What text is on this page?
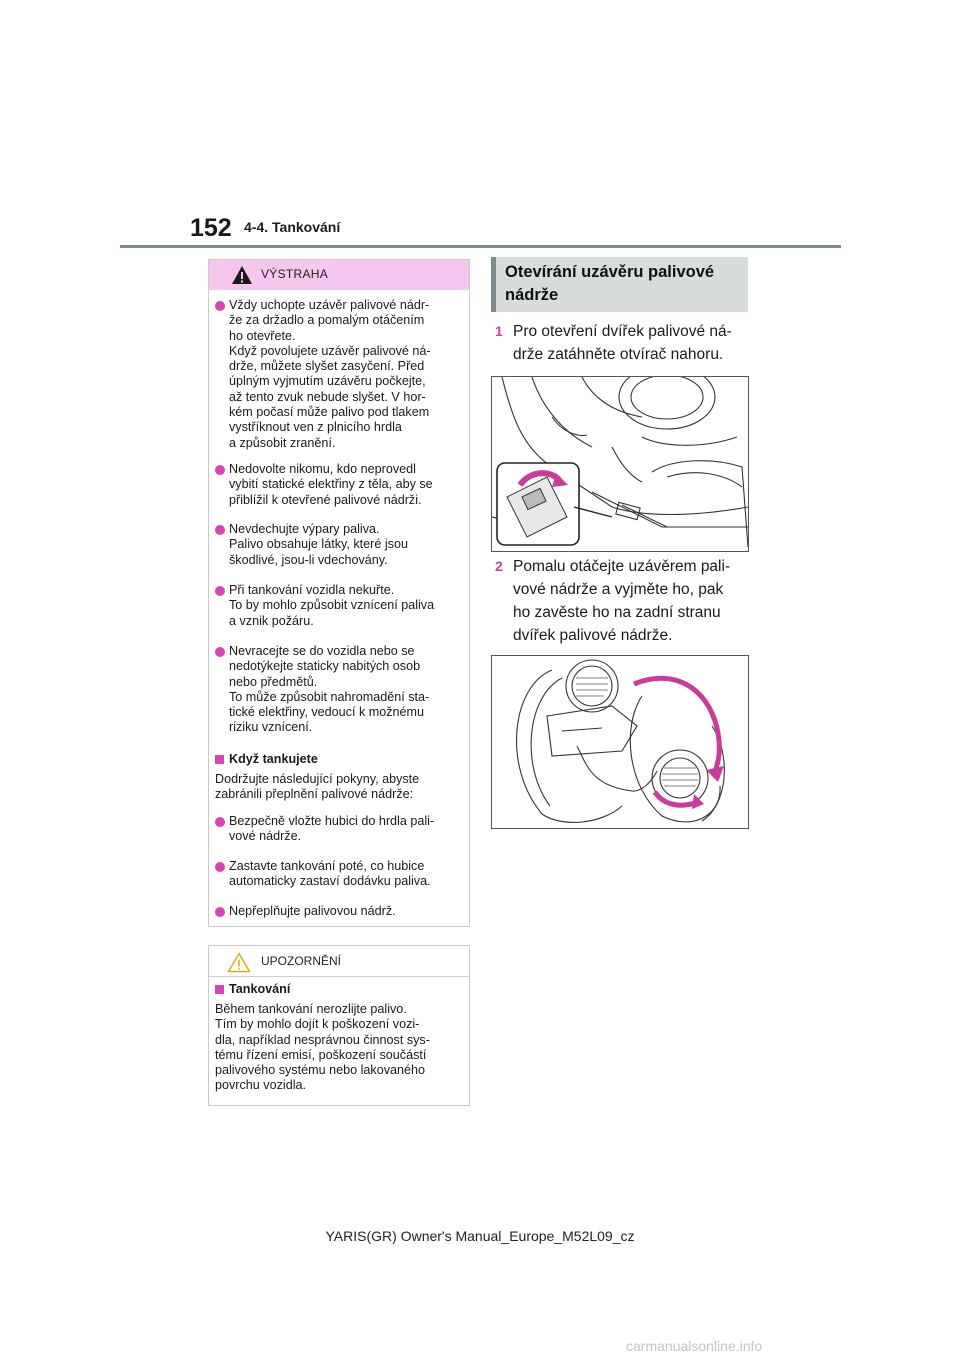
152 4-4. Tankování
VÝSTRAHA
Vždy uchopte uzávěr palivové nádr-
že za držadlo a pomalým otáčením
ho otevřete.
Když povolujete uzávěr palivové ná-
drže, můžete slyšet zasyčení. Před
úplným vyjmutím uzávěru počkejte,
až tento zvuk nebude slyšet. V hor-
kém počasí může palivo pod tlakem
vystříknout ven z plnicího hrdla
a způsobit zranění.
Nedovolte nikomu, kdo neprovedl
vybití statické elektřiny z těla, aby se
přiblížil k otevřené palivové nádrži.
Nevdechujte výpary paliva.
Palivo obsahuje látky, které jsou
škodlivé, jsou-li vdechovány.
Při tankování vozidla nekuřte.
To by mohlo způsobit vznícení paliva
a vznik požáru.
Nevracejte se do vozidla nebo se
nedotýkejte staticky nabitých osob
nebo předmětů.
To může způsobit nahromadění sta-
tické elektřiny, vedoucí k možnému
riziku vznícení.
Když tankujete
Dodržujte následující pokyny, abyste
zabránili přeplnění palivové nádrže:
Bezpečně vložte hubici do hrdla pali-
vové nádrže.
Zastavte tankování poté, co hubice
automaticky zastaví dodávku paliva.
Nepřeplňujte palivovou nádrž.
UPOZORNĚNÍ
Tankování
Během tankování nerozlijte palivo.
Tím by mohlo dojít k poškození vozi-
dla, například nesprávnou činnost sys-
tému řízení emisí, poškození součástí
palivového systému nebo lakovaného
povrchu vozidla.
Otevírání uzávěru palivové nádrže
1 Pro otevření dvířek palivové ná-
drže zatáhněte otvírač nahoru.
2 Pomalu otáčejte uzávěrem pali-
vové nádrže a vyjměte ho, pak
ho zavěste ho na zadní stranu
dvířek palivové nádrže.
YARIS(GR) Owner's Manual_Europe_M52L09_cz
carmanualsonline.info
